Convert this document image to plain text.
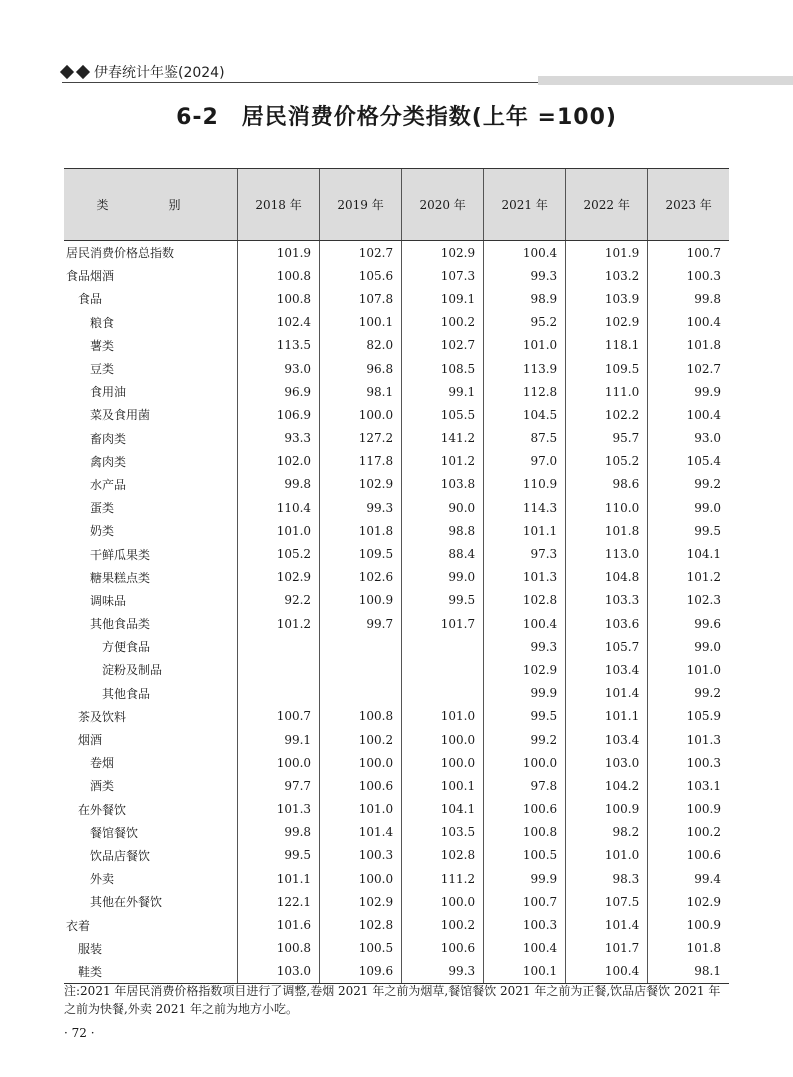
伊春统计年鉴(2024)
6-2　居民消费价格分类指数(上年 =100)
类　别	2018 年	2019 年	2020 年	2021 年	2022 年	2023 年
居民消费价格总指数	101.9	102.7	102.9	100.4	101.9	100.7
食品烟酒	100.8	105.6	107.3	99.3	103.2	100.3
食品	100.8	107.8	109.1	98.9	103.9	99.8
粮食	102.4	100.1	100.2	95.2	102.9	100.4
薯类	113.5	82.0	102.7	101.0	118.1	101.8
豆类	93.0	96.8	108.5	113.9	109.5	102.7
食用油	96.9	98.1	99.1	112.8	111.0	99.9
菜及食用菌	106.9	100.0	105.5	104.5	102.2	100.4
畜肉类	93.3	127.2	141.2	87.5	95.7	93.0
禽肉类	102.0	117.8	101.2	97.0	105.2	105.4
水产品	99.8	102.9	103.8	110.9	98.6	99.2
蛋类	110.4	99.3	90.0	114.3	110.0	99.0
奶类	101.0	101.8	98.8	101.1	101.8	99.5
干鲜瓜果类	105.2	109.5	88.4	97.3	113.0	104.1
糖果糕点类	102.9	102.6	99.0	101.3	104.8	101.2
调味品	92.2	100.9	99.5	102.8	103.3	102.3
其他食品类	101.2	99.7	101.7	100.4	103.6	99.6
方便食品				99.3	105.7	99.0
淀粉及制品				102.9	103.4	101.0
其他食品				99.9	101.4	99.2
茶及饮料	100.7	100.8	101.0	99.5	101.1	105.9
烟酒	99.1	100.2	100.0	99.2	103.4	101.3
卷烟	100.0	100.0	100.0	100.0	103.0	100.3
酒类	97.7	100.6	100.1	97.8	104.2	103.1
在外餐饮	101.3	101.0	104.1	100.6	100.9	100.9
餐馆餐饮	99.8	101.4	103.5	100.8	98.2	100.2
饮品店餐饮	99.5	100.3	102.8	100.5	101.0	100.6
外卖	101.1	100.0	111.2	99.9	98.3	99.4
其他在外餐饮	122.1	102.9	100.0	100.7	107.5	102.9
衣着	101.6	102.8	100.2	100.3	101.4	100.9
服装	100.8	100.5	100.6	100.4	101.7	101.8
鞋类	103.0	109.6	99.3	100.1	100.4	98.1
注:2021 年居民消费价格指数项目进行了调整,卷烟 2021 年之前为烟草,餐馆餐饮 2021 年之前为正餐,饮品店餐饮 2021 年之前为快餐,外卖 2021 年之前为地方小吃。
· 72 ·
